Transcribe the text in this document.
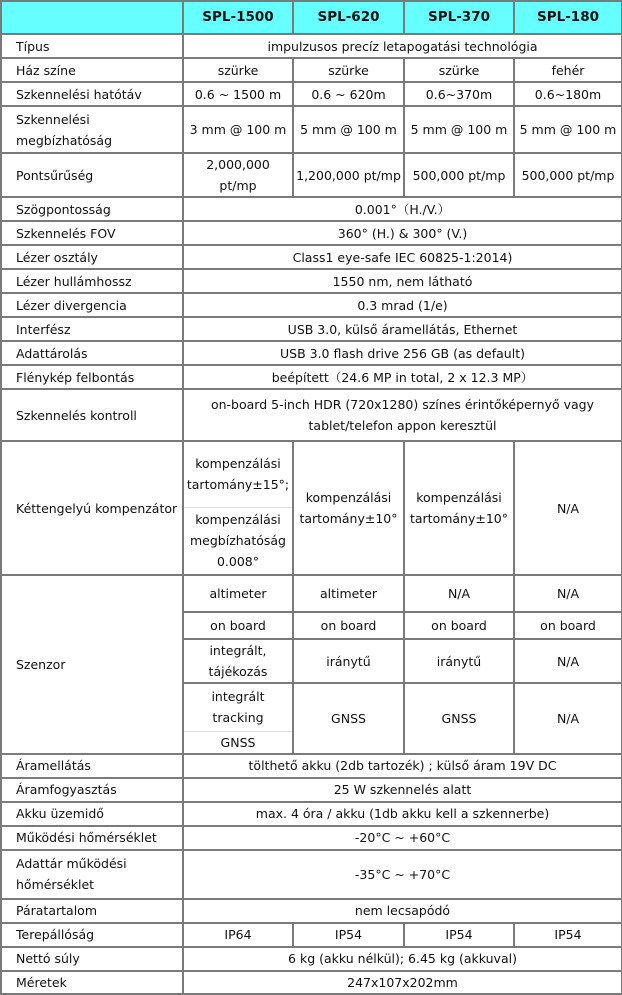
	SPL-1500	SPL-620	SPL-370	SPL-180
Típus	impulzusos precíz letapogatási technológia			
Ház színe	szürke	szürke	szürke	fehér
Szkennelési hatótáv	0.6 ~ 1500 m	0.6 ~ 620m	0.6~370m	0.6~180m
Szkennelési megbízhatóság	3 mm @ 100 m	5 mm @ 100 m	5 mm @ 100 m	5 mm @ 100 m
Pontsűrűség	2,000,000 pt/mp	1,200,000 pt/mp	500,000 pt/mp	500,000 pt/mp
Szögpontosság	0.001°（H./V.）			
Szkennelés FOV	360° (H.) & 300° (V.)			
Lézer osztály	Class1 eye-safe IEC 60825-1:2014)			
Lézer hullámhossz	1550 nm, nem látható			
Lézer divergencia	0.3 mrad (1/e)			
Interfész	USB 3.0, külső áramellátás, Ethernet			
Adattárolás	USB 3.0 flash drive 256 GB (as default)			
Flénykép felbontás	beépített（24.6 MP in total, 2 x 12.3 MP）			
Szkennelés kontroll	on-board 5-inch HDR (720x1280) színes érintőképernyő vagy tablet/telefon appon keresztül			
Kéttengelyú kompenzátor	kompenzálási tartomány±15°;	kompenzálási tartomány±10°	kompenzálási tartomány±10°	N/A
	kompenzálási megbízhatóság 0.008°			
Szenzor	altimeter	altimeter	N/A	N/A
	on board	on board	on board	on board
	integrált, tájékozás	iránytű	iránytű	N/A
	integrált tracking	GNSS	GNSS	N/A
	GNSS			
Áramellátás	tölthető akku (2db tartozék) ; külső áram 19V DC			
Áramfogyasztás	25 W szkennelés alatt			
Akku üzemidő	max. 4 óra / akku (1db akku kell a szkennerbe)			
Működési hőmérséklet	-20°C ~ +60°C			
Adattár működési hőmérséklet	-35°C ~ +70°C			
Páratartalom	nem lecsapódó			
Terepállóság	IP64	IP54	IP54	IP54
Nettó súly	6 kg (akku nélkül); 6.45 kg (akkuval)			
Méretek	247x107x202mm			
